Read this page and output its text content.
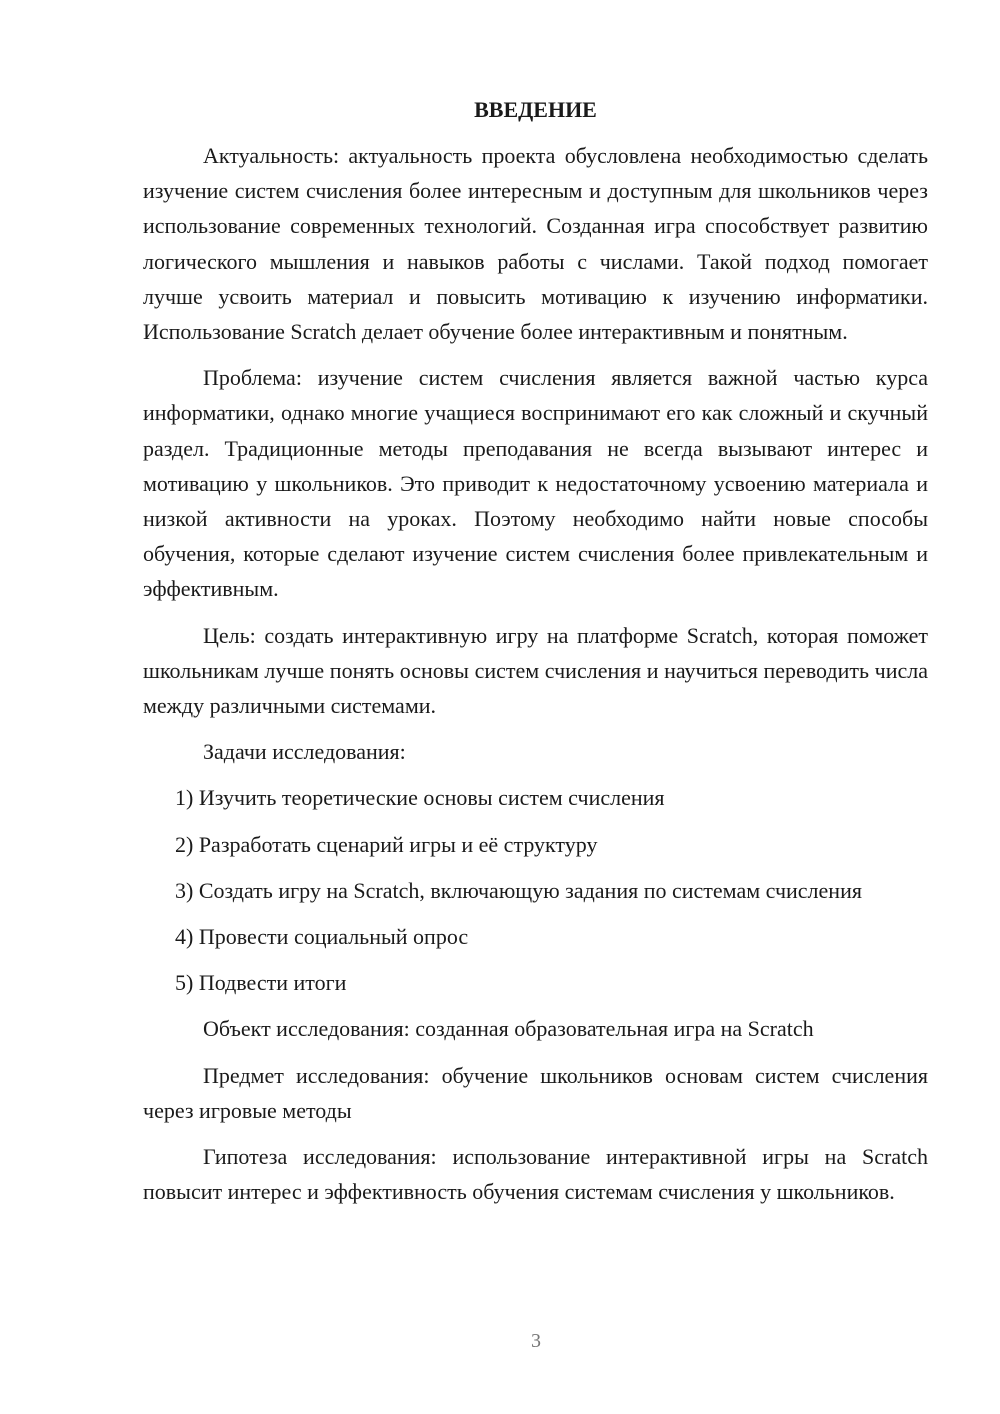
ВВЕДЕНИЕ

Актуальность: актуальность проекта обусловлена необходимостью сделать изучение систем счисления более интересным и доступным для школьников через использование современных технологий. Созданная игра способствует развитию логического мышления и навыков работы с числами. Такой подход помогает лучше усвоить материал и повысить мотивацию к изучению информатики. Использование Scratch делает обучение более интерактивным и понятным.

Проблема: изучение систем счисления является важной частью курса информатики, однако многие учащиеся воспринимают его как сложный и скучный раздел. Традиционные методы преподавания не всегда вызывают интерес и мотивацию у школьников. Это приводит к недостаточному усвоению материала и низкой активности на уроках. Поэтому необходимо найти новые способы обучения, которые сделают изучение систем счисления более привлекательным и эффективным.

Цель: создать интерактивную игру на платформе Scratch, которая поможет школьникам лучше понять основы систем счисления и научиться переводить числа между различными системами.

Задачи исследования:

1) Изучить теоретические основы систем счисления

2) Разработать сценарий игры и её структуру

3) Создать игру на Scratch, включающую задания по системам счисления

4) Провести социальный опрос

5) Подвести итоги

Объект исследования: созданная образовательная игра на Scratch

Предмет исследования: обучение школьников основам систем счисления через игровые методы

Гипотеза исследования: использование интерактивной игры на Scratch повысит интерес и эффективность обучения системам счисления у школьников.

3
